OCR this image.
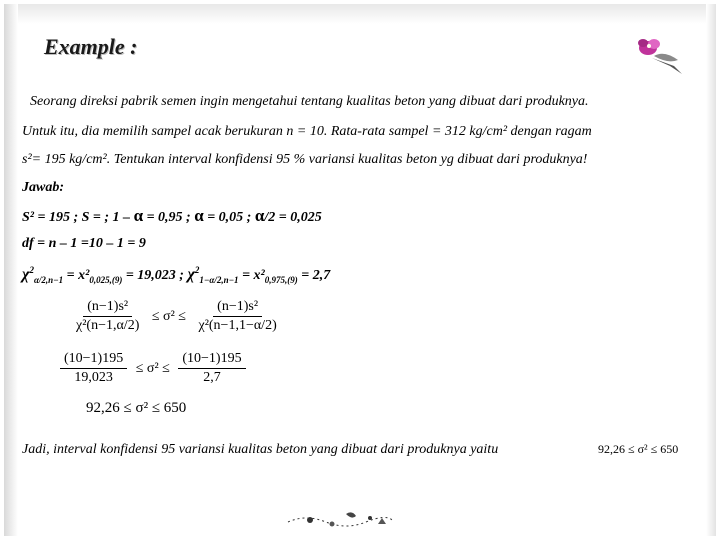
Example :
Seorang direksi pabrik semen ingin mengetahui tentang kualitas beton yang dibuat dari produknya.
Untuk itu, dia memilih sampel acak berukuran n = 10. Rata-rata sampel = 312 kg/cm² dengan ragam
s²= 195 kg/cm². Tentukan interval konfidensi 95 % variansi kualitas beton yg dibuat dari produknya!
Jawab:
S² = 195 ; S = ; 1 – α = 0,95 ; α = 0,05 ; α/2 = 0,025
df = n – 1 =10 – 1 = 9
$\chi^2_{\alpha/2,n-1} = x^2_{0,025,(9)} = 19,023$ ; $\chi^2_{1-\alpha/2,n-1} = x^2_{0,975,(9)} = 2,7$
$\frac{\text{(n−1)s²}}{\text{χ²(n−1,α/2)}} \le \sigma^2 \le \frac{\text{(n−1)s²}}{\text{χ²(n−1,1−α/2)}}$
$\frac{(10-1)195}{19,023} \le \sigma^2 \le \frac{(10-1)195}{2,7}$
92,26 ≤ σ² ≤ 650
Jadi, interval konfidensi 95 variansi kualitas beton yang dibuat dari produknya yaitu	92,26 ≤ σ² ≤ 650
